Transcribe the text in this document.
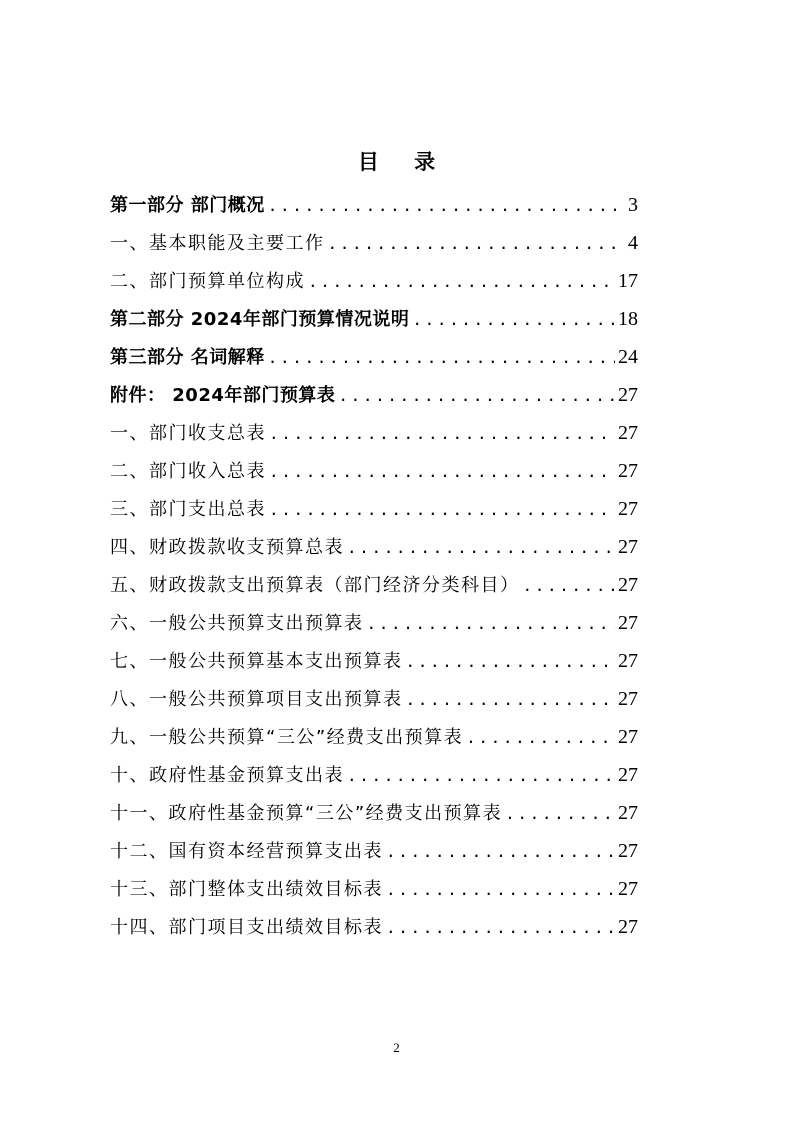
目 录
第一部分 部门概况 .....	3
一、基本职能及主要工作 .....	4
二、部门预算单位构成 .....	17
第二部分 2024年部门预算情况说明 .....	18
第三部分 名词解释 .....	24
附件： 2024年部门预算表 .....	27
一、部门收支总表 .....	27
二、部门收入总表 .....	27
三、部门支出总表 .....	27
四、财政拨款收支预算总表 .....	27
五、财政拨款支出预算表（部门经济分类科目） .....	27
六、一般公共预算支出预算表 .....	27
七、一般公共预算基本支出预算表 .....	27
八、一般公共预算项目支出预算表 .....	27
九、一般公共预算“三公”经费支出预算表 .....	27
十、政府性基金预算支出表 .....	27
十一、政府性基金预算“三公”经费支出预算表 .....	27
十二、国有资本经营预算支出表 .....	27
十三、部门整体支出绩效目标表 .....	27
十四、部门项目支出绩效目标表 .....	27
2
